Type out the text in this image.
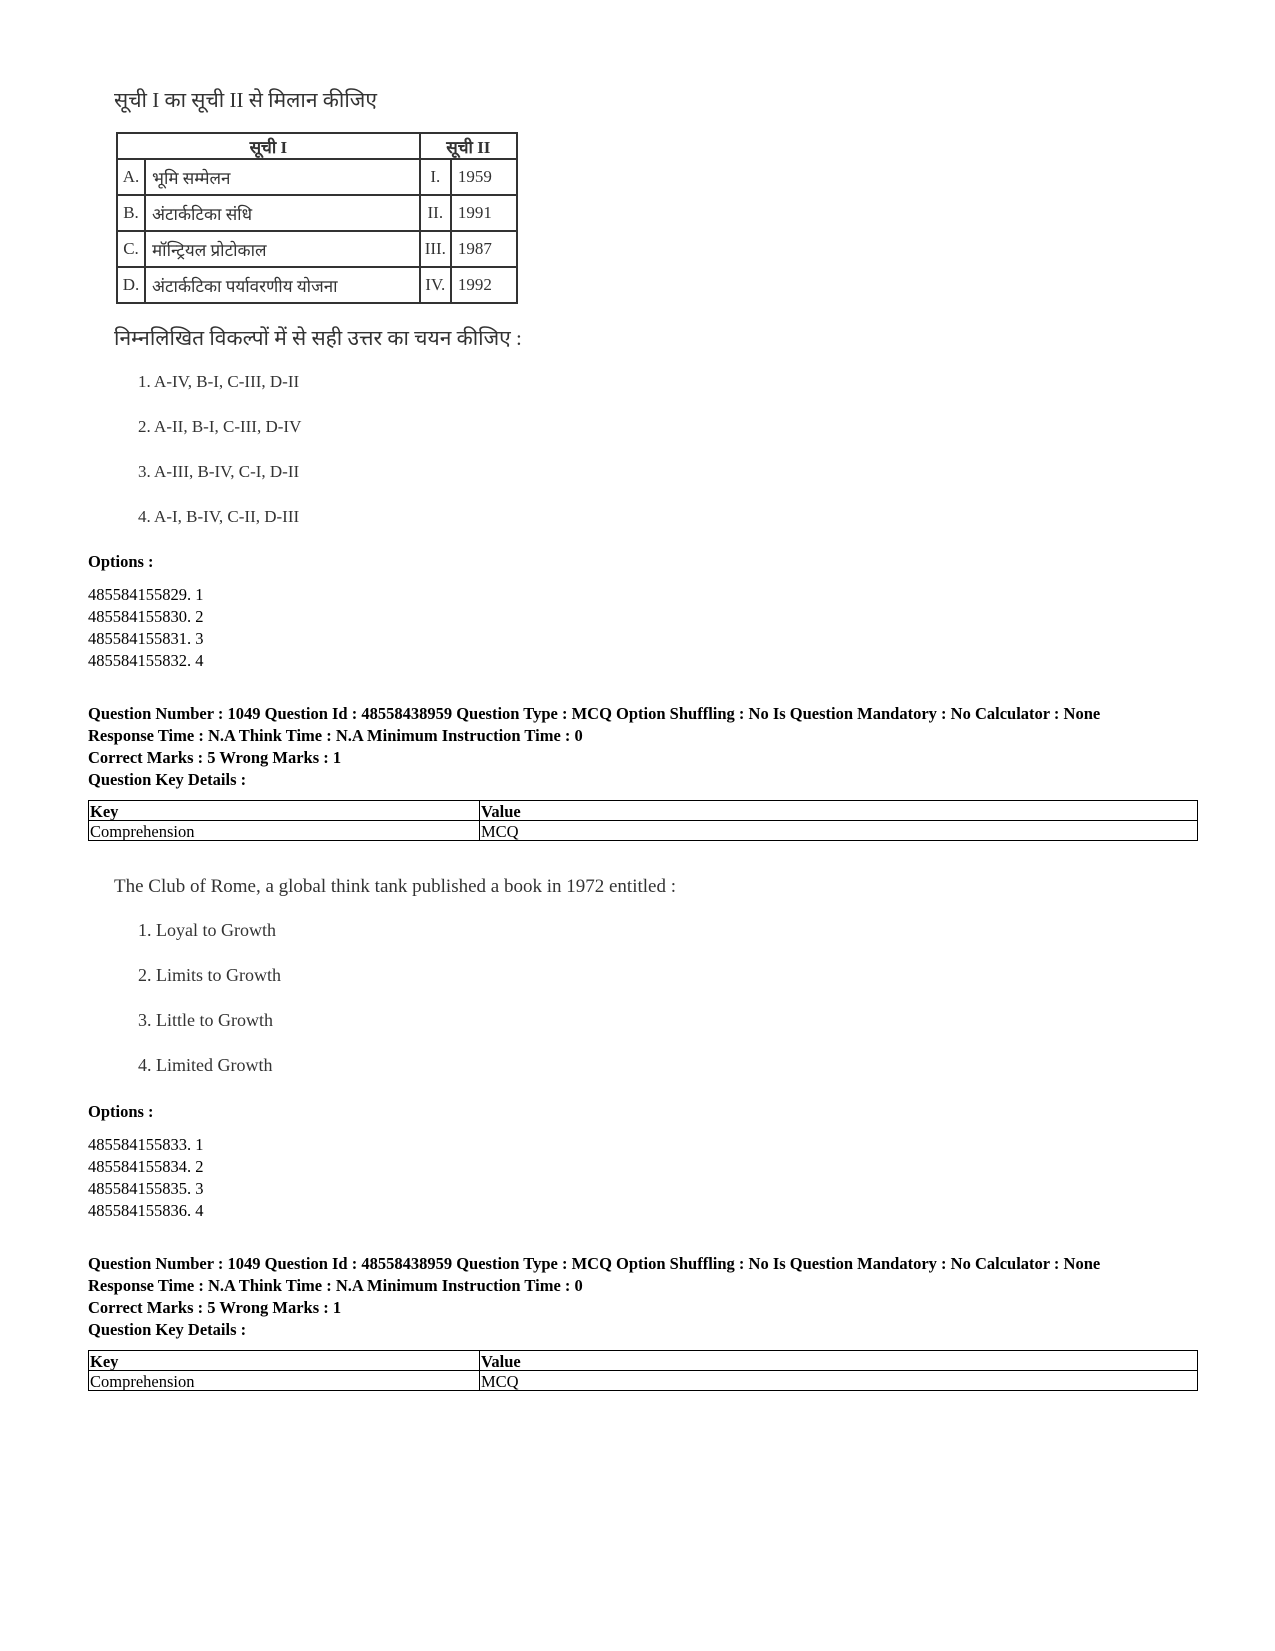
सूची I का सूची II से मिलान कीजिए
सूची I		सूची II	
A.	भूमि सम्मेलन	I.	1959
B.	अंटार्कटिका संधि	II.	1991
C.	मॉन्ट्रियल प्रोटोकाल	III.	1987
D.	अंटार्कटिका पर्यावरणीय योजना	IV.	1992
निम्नलिखित विकल्पों में से सही उत्तर का चयन कीजिए :
1. A-IV, B-I, C-III, D-II
2. A-II, B-I, C-III, D-IV
3. A-III, B-IV, C-I, D-II
4. A-I, B-IV, C-II, D-III
Options :
485584155829. 1
485584155830. 2
485584155831. 3
485584155832. 4
Question Number : 1049 Question Id : 48558438959 Question Type : MCQ Option Shuffling : No Is Question Mandatory : No Calculator : None
Response Time : N.A Think Time : N.A Minimum Instruction Time : 0
Correct Marks : 5 Wrong Marks : 1
Question Key Details :
Key	Value
Comprehension	MCQ
The Club of Rome, a global think tank published a book in 1972 entitled :
1. Loyal to Growth
2. Limits to Growth
3. Little to Growth
4. Limited Growth
Options :
485584155833. 1
485584155834. 2
485584155835. 3
485584155836. 4
Question Number : 1049 Question Id : 48558438959 Question Type : MCQ Option Shuffling : No Is Question Mandatory : No Calculator : None
Response Time : N.A Think Time : N.A Minimum Instruction Time : 0
Correct Marks : 5 Wrong Marks : 1
Question Key Details :
Key	Value
Comprehension	MCQ
